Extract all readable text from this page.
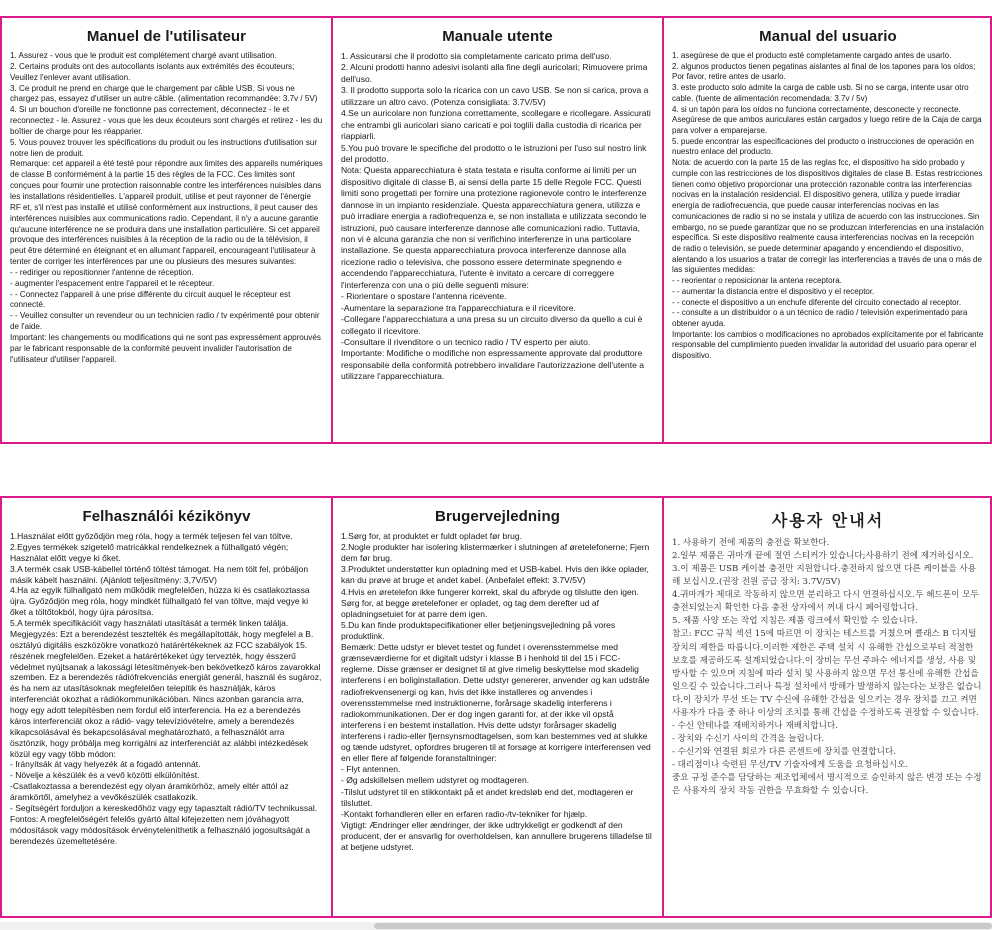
Manuel de l'utilisateur
1. Assurez - vous que le produit est complètement chargé avant utilisation.
2. Certains produits ont des autocollants isolants aux extrémités des écouteurs; Veuillez l'enlever avant utilisation.
3. Ce produit ne prend en charge que le chargement par câble USB. Si vous ne chargez pas, essayez d'utiliser un autre câble. (alimentation recommandée: 3.7v / 5V)
4. Si un bouchon d'oreille ne fonctionne pas correctement, déconnectez - le et reconnectez - le. Assurez - vous que les deux écouteurs sont chargés et retirez - les du boîtier de charge pour les réapparier.
5. Vous pouvez trouver les spécifications du produit ou les instructions d'utilisation sur notre lien de produit.
Remarque: cet appareil a été testé pour répondre aux limites des appareils numériques de classe B conformément à la partie 15 des règles de la FCC. Ces limites sont conçues pour fournir une protection raisonnable contre les interférences nuisibles dans les installations résidentielles. L'appareil produit, utilise et peut rayonner de l'énergie RF et, s'il n'est pas installé et utilisé conformément aux instructions, il peut causer des interférences nuisibles aux communications radio. Cependant, il n'y a aucune garantie qu'aucune interférence ne se produira dans une installation particulière. Si cet appareil provoque des interférences nuisibles à la réception de la radio ou de la télévision, il peut être déterminé en éteignant et en allumant l'appareil, encourageant l'utilisateur à tenter de corriger les interférences par une ou plusieurs des mesures suivantes:
- - rediriger ou repositionner l'antenne de réception.
- augmenter l'espacement entre l'appareil et le récepteur.
- - Connectez l'appareil à une prise différente du circuit auquel le récepteur est connecté.
- - Veuillez consulter un revendeur ou un technicien radio / tv expérimenté pour obtenir de l'aide.
Important: les changements ou modifications qui ne sont pas expressément approuvés par le fabricant responsable de la conformité peuvent invalider l'autorisation de l'utilisateur d'utiliser l'appareil.
Manuale utente
1. Assicurarsi che il prodotto sia completamente caricato prima dell'uso.
2. Alcuni prodotti hanno adesivi isolanti alla fine degli auricolari; Rimuovere prima dell'uso.
3. Il prodotto supporta solo la ricarica con un cavo USB. Se non si carica, prova a utilizzare un altro cavo. (Potenza consigliata: 3.7V/5V)
4.Se un auricolare non funziona correttamente, scollegare e ricollegare. Assicurati che entrambi gli auricolari siano caricati e poi toglili dalla custodia di ricarica per riappiarli.
5.You può trovare le specifiche del prodotto o le istruzioni per l'uso sul nostro link del prodotto.
Nota: Questa apparecchiatura è stata testata e risulta conforme ai limiti per un dispositivo digitale di classe B, ai sensi della parte 15 delle Regole FCC. Questi limiti sono progettati per fornire una protezione ragionevole contro le interferenze dannose in un impianto residenziale. Questa apparecchiatura genera, utilizza e può irradiare energia a radiofrequenza e, se non installata e utilizzata secondo le istruzioni, può causare interferenze dannose alle comunicazioni radio. Tuttavia, non vi è alcuna garanzia che non si verifichino interferenze in una particolare installazione. Se questa apparecchiatura provoca interferenze dannose alla ricezione radio o televisiva, che possono essere determinate spegnendo e accendendo l'apparecchiatura, l'utente è invitato a cercare di correggere l'interferenza con una o più delle seguenti misure:
- Riorientare o spostare l'antenna ricevente.
-Aumentare la separazione tra l'apparecchiatura e il ricevitore.
-Collegare l'apparecchiatura a una presa su un circuito diverso da quello a cui è collegato il ricevitore.
-Consultare il rivenditore o un tecnico radio / TV esperto per aiuto.
Importante: Modifiche o modifiche non espressamente approvate dal produttore responsabile della conformità potrebbero invalidare l'autorizzazione dell'utente a utilizzare l'apparecchiatura.
Manual del usuario
1. asegúrese de que el producto esté completamente cargado antes de usarlo.
2. algunos productos tienen pegatinas aislantes al final de los tapones para los oídos; Por favor, retire antes de usarlo.
3. este producto solo admite la carga de cable usb. Si no se carga, intente usar otro cable. (fuente de alimentación recomendada: 3.7v / 5v)
4. si un tapón para los oídos no funciona correctamente, desconecte y reconecte. Asegúrese de que ambos auriculares están cargados y luego retire de la Caja de carga para volver a emparejarse.
5. puede encontrar las especificaciones del producto o instrucciones de operación en nuestro enlace del producto.
Nota: de acuerdo con la parte 15 de las reglas fcc, el dispositivo ha sido probado y cumple con las restricciones de los dispositivos digitales de clase B. Estas restricciones tienen como objetivo proporcionar una protección razonable contra las interferencias nocivas en la instalación residencial. El dispositivo genera, utiliza y puede irradiar energía de radiofrecuencia, que puede causar interferencias nocivas en las comunicaciones de radio si no se instala y utiliza de acuerdo con las instrucciones. Sin embargo, no se puede garantizar que no se produzcan interferencias en una instalación específica. Si este dispositivo realmente causa interferencias nocivas en la recepción de radio o televisión, se puede determinar apagando y encendiendo el dispositivo, alentando a los usuarios a tratar de corregir las interferencias a través de una o más de las siguientes medidas:
- - reorientar o reposicionar la antena receptora.
- - aumentar la distancia entre el dispositivo y el receptor.
- - conecte el dispositivo a un enchufe diferente del circuito conectado al receptor.
- - consulte a un distribuidor o a un técnico de radio / televisión experimentado para obtener ayuda.
Importante: los cambios o modificaciones no aprobados explícitamente por el fabricante responsable del cumplimiento pueden invalidar la autoridad del usuario para operar el dispositivo.
Felhasználói kézikönyv
1.Használat előtt győződjön meg róla, hogy a termék teljesen fel van töltve.
2.Egyes termékek szigetelő matricákkal rendelkeznek a fülhallgató végén; Használat előtt vegye ki őket.
3.A termék csak USB-kábellel történő töltést támogat. Ha nem tölt fel, próbáljon másik kábelt használni. (Ajánlott teljesítmény: 3,7V/5V)
4.Ha az egyik fülhallgató nem működik megfelelően, húzza ki és csatlakoztassa újra. Győződjön meg róla, hogy mindkét fülhallgató fel van töltve, majd vegye ki őket a töltőtokból, hogy újra párosítsa.
5.A termék specifikációit vagy használati utasítását a termék linken találja.
Megjegyzés: Ezt a berendezést tesztelték és megállapították, hogy megfelel a B. osztályú digitális eszközökre vonatkozó határértékeknek az FCC szabályok 15. részének megfelelően. Ezeket a határértékeket úgy tervezték, hogy ésszerű védelmet nyújtsanak a lakossági létesítmények-ben bekövetkező káros zavarokkal szemben. Ez a berendezés rádiófrekvenciás energiát generál, használ és sugároz, és ha nem az utasításoknak megfelelően telepítik és használják, káros interferenciát okozhat a rádiókommunikációban. Nincs azonban garancia arra, hogy egy adott telepítésben nem fordul elő interferencia. Ha ez a berendezés káros interferenciát okoz a rádió- vagy televízióvételre, amely a berendezés kikapcsolásával és bekapcsolásával meghatározható, a felhasználót arra ösztönzik, hogy próbálja meg korrigálni az interferenciát az alábbi intézkedések közül egy vagy több módon:
- Irányítsák át vagy helyezék át a fogadó antennát.
- Növelje a készülék és a vevő közötti elkülönítést.
-Csatlakoztassa a berendezést egy olyan áramkörhöz, amely eltér attól az áramkörtől, amelyhez a vevőkészülék csatlakozik.
- Segítségért forduljon a kereskedőhöz vagy egy tapasztalt rádió/TV technikussal.
Fontos: A megfelelőségért felelős gyártó által kifejezetten nem jóváhagyott módosítások vagy módosítások érvényteleníthetik a felhasználó jogosultságát a berendezés üzemeltetésére.
Brugervejledning
1.Sørg for, at produktet er fuldt opladet før brug.
2.Nogle produkter har isolering klistermærker i slutningen af øretelefonerne; Fjern dem før brug.
3.Produktet understøtter kun opladning med et USB-kabel. Hvis den ikke oplader, kan du prøve at bruge et andet kabel. (Anbefalet effekt: 3.7V/5V)
4.Hvis en øretelefon ikke fungerer korrekt, skal du afbryde og tilslutte den igen. Sørg for, at begge øretelefoner er opladet, og tag dem derefter ud af opladningsetuiet for at parre dem igen.
5.Du kan finde produktspecifikationer eller betjeningsvejledning på vores produktlink.
Bemærk: Dette udstyr er blevet testet og fundet i overensstemmelse med grænseværdierne for et digitalt udstyr i klasse B i henhold til del 15 i FCC-reglerne. Disse grænser er designet til at give rimelig beskyttelse mod skadelig interferens i en boliginstallation. Dette udstyr genererer, anvender og kan udstråle radiofrekvensenergi og kan, hvis det ikke installeres og anvendes i overensstemmelse med instruktionerne, forårsage skadelig interferens i radiokommunikationen. Der er dog ingen garanti for, at der ikke vil opstå interferens i en bestemt installation. Hvis dette udstyr forårsager skadelig interferens i radio-eller fjernsynsmodtagelsen, som kan bestemmes ved at slukke og tænde udstyret, opfordres brugeren til at forsøge at korrigere interferensen ved en eller flere af følgende foranstaltninger:
- Flyt antennen.
- Øg adskillelsen mellem udstyret og modtageren.
-Tilslut udstyret til en stikkontakt på et andet kredsløb end det, modtageren er tilsluttet.
-Kontakt forhandleren eller en erfaren radio-/tv-tekniker for hjælp.
Vigtigt: Ændringer eller ændringer, der ikke udtrykkeligt er godkendt af den producent, der er ansvarlig for overholdelsen, kan annullere brugerens tilladelse til at betjene udstyret.
사용자 안내서
1. 사용하기 전에 제품의 충전을 확보한다.
2.일부 제품은 귀마개 끝에 절연 스티커가 있습니다;사용하기 전에 제거하십시오.
3.이 제품은 USB 케이블 충전만 지원합니다.충전하지 않으면 다른 케이블을 사용해 보십시오.(권장 전원 공급 장치: 3.7V/5V)
4.귀마개가 제대로 작동하지 않으면 분리하고 다시 연결하십시오.두 헤드폰이 모두 충전되었는지 확인한 다음 충전 상자에서 꺼내 다시 페어링합니다.
5. 제품 사양 또는 작업 지침은 제품 링크에서 확인할 수 있습니다.
참고: FCC 규칙 섹션 15에 따르면 이 장치는 테스트를 거쳤으며 클래스 B 디지털 장치의 제한을 따릅니다.이러한 제한은 주택 설치 시 유해한 간섭으로부터 적절한 보호를 제공하도록 설계되었습니다.이 장비는 무선 주파수 에너지를 생성, 사용 및 방사할 수 있으며 지침에 따라 설치 및 사용하지 않으면 무선 통신에 유해한 간섭을 일으킬 수 있습니다.그러나 특정 설치에서 방해가 발생하지 않는다는 보장은 없습니다.이 장치가 무선 또는 TV 수신에 유해한 간섭을 일으키는 경우 장치를 끄고 켜면 사용자가 다음 중 하나 이상의 조치를 통해 간섭을 수정하도록 권장할 수 있습니다.
- 수신 안테나를 재배치하거나 재배치합니다.
- 장치와 수신기 사이의 간격을 늘립니다.
- 수신기와 연결된 회로가 다른 콘센트에 장치를 연결합니다.
- 대리점이나 숙련된 무선/TV 기술자에게 도움을 요청하십시오.
중요 규정 준수를 담당하는 제조업체에서 명시적으로 승인하지 않은 변경 또는 수정은 사용자의 장치 작동 권한을 무효화할 수 있습니다.
